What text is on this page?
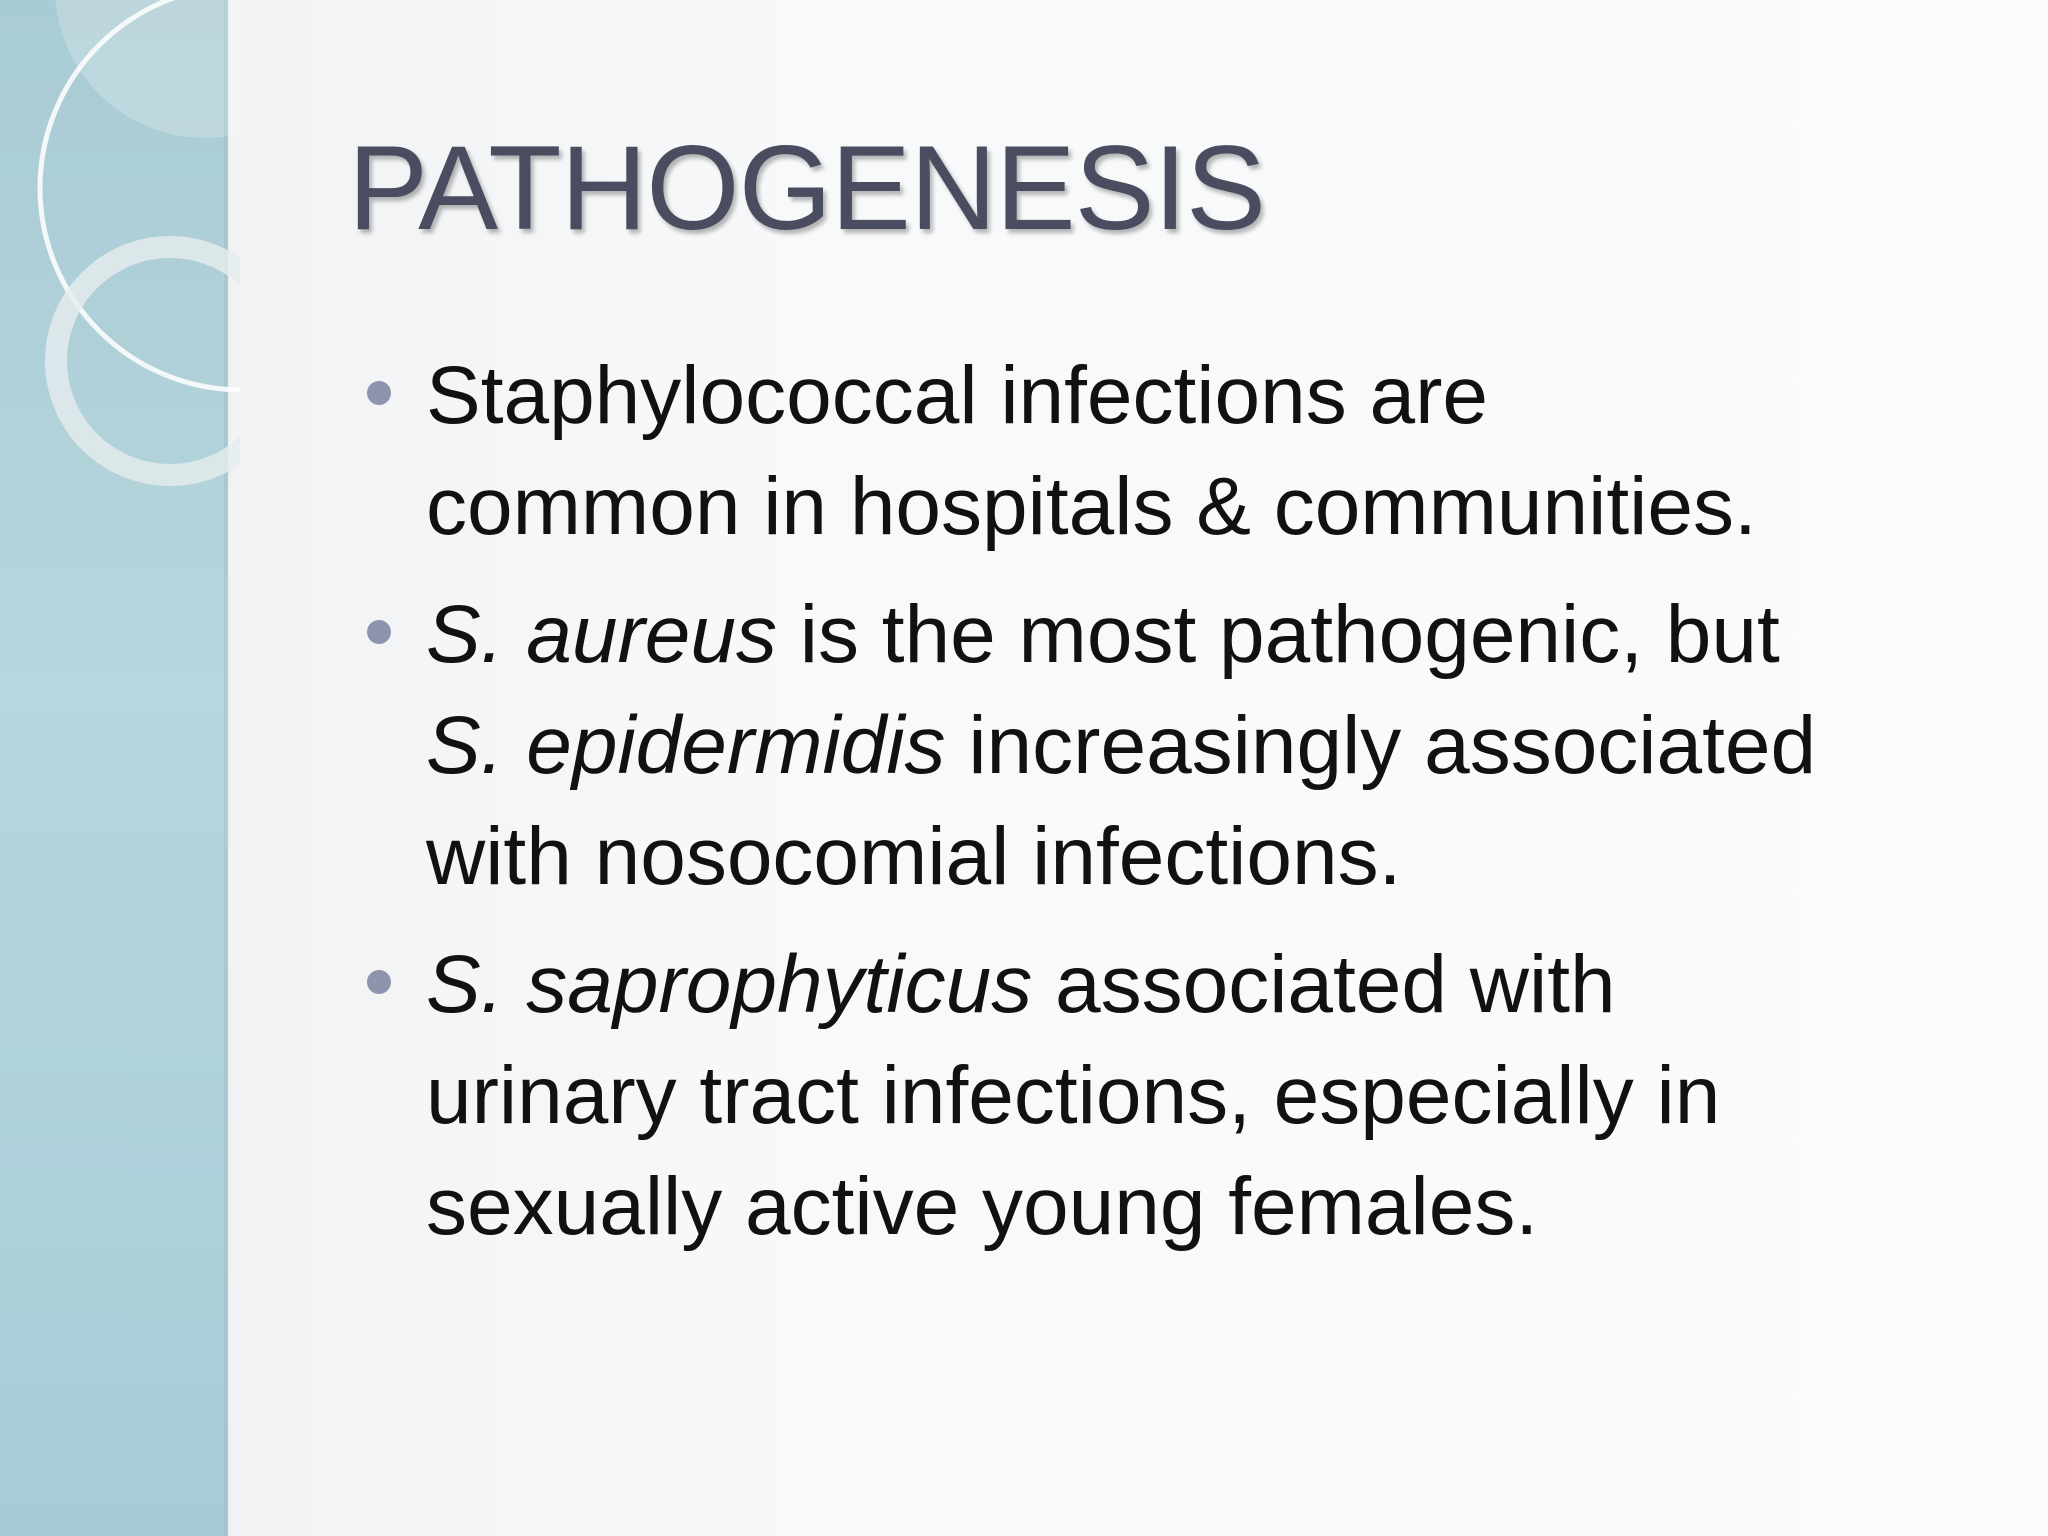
PATHOGENESIS
Staphylococcal infections are
common in hospitals & communities.
S. aureus is the most pathogenic, but
S. epidermidis increasingly associated
with nosocomial infections.
S. saprophyticus associated with
urinary tract infections, especially in
sexually active young females.
